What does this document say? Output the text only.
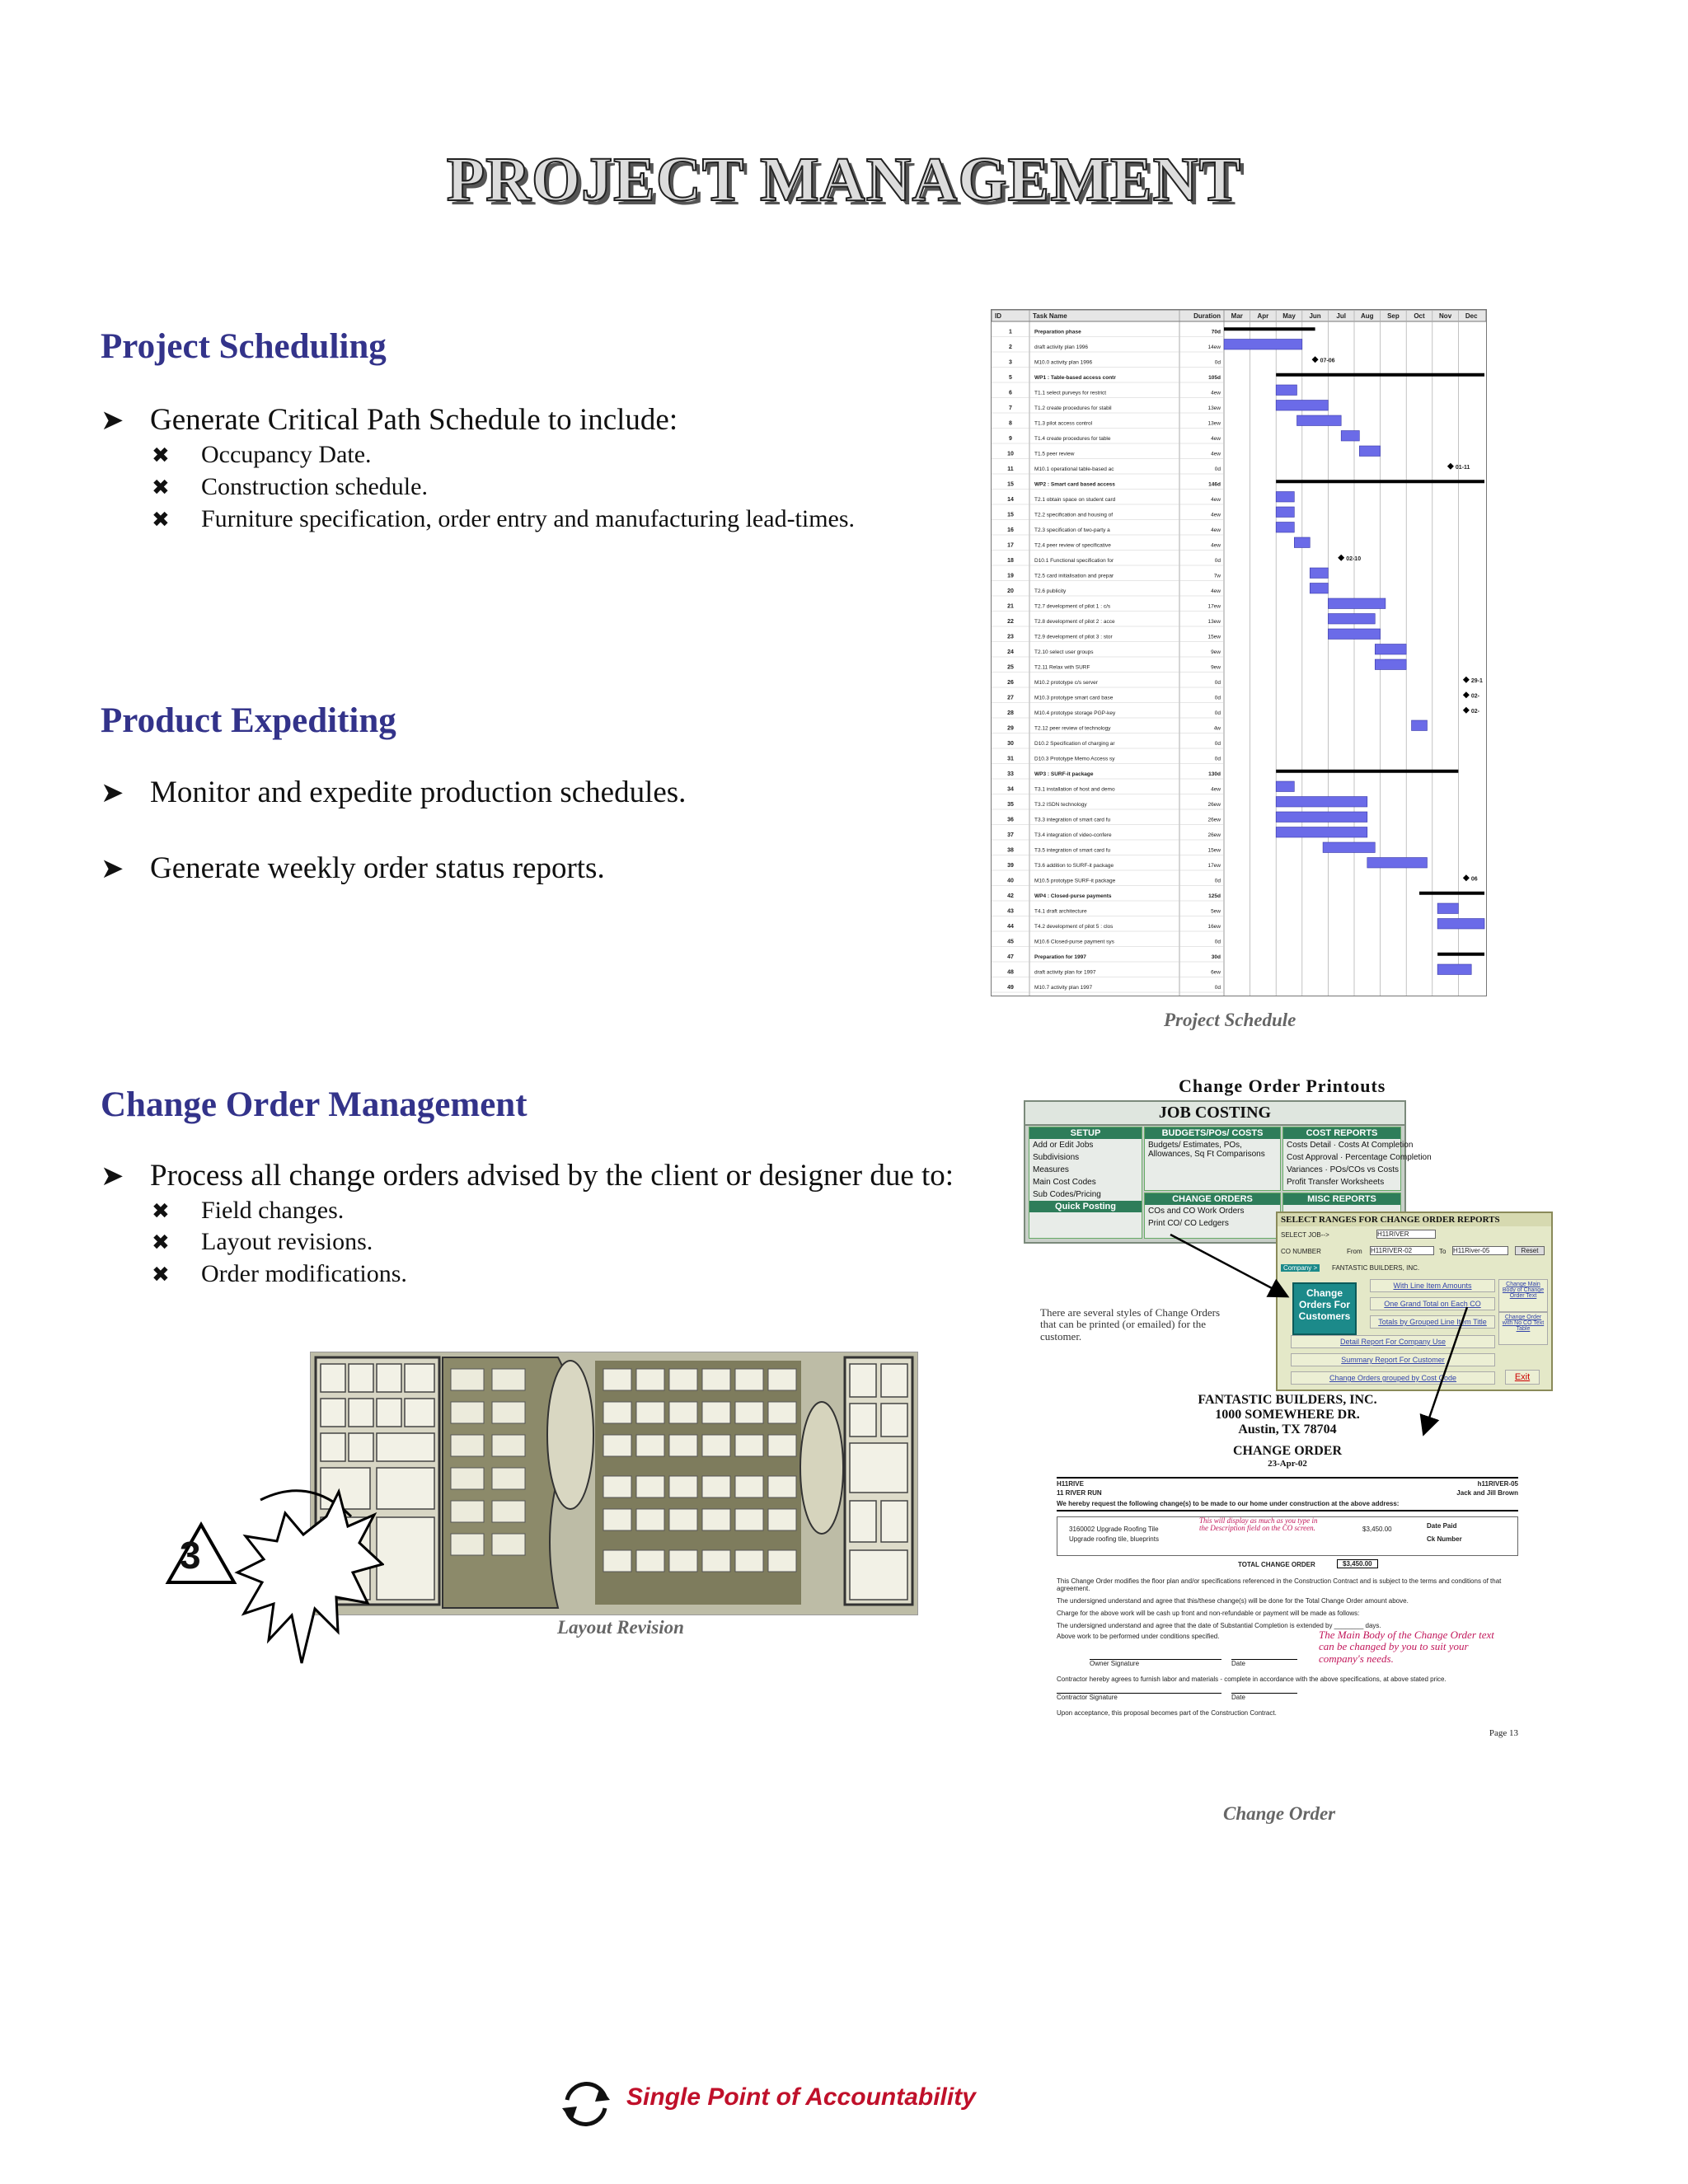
PROJECT MANAGEMENT
Project Scheduling
➤ Generate Critical Path Schedule to include:
✖ Occupancy Date.
✖ Construction schedule.
✖ Furniture specification, order entry and manufacturing lead-times.
Product Expediting
➤ Monitor and expedite production schedules.
➤ Generate weekly order status reports.
Change Order Management
➤ Process all change orders advised by the client or designer due to:
✖ Field changes.
✖ Layout revisions.
✖ Order modifications.
ID	Task Name	Duration Mar Apr May Jun Jul Aug Sep Oct Nov Dec
1	Preparation phase	70d
2	draft activity plan 1996	14ew
3	M10.0 activity plan 1996	0d	07-06
5	WP1 : Table-based access contr	105d
6	T1.1 select purveys for restrict	4ew
7	T1.2 create procedures for stabil	13ew
8	T1.3 pilot access control	13ew
9	T1.4 create procedures for table	4ew
10	T1.5 peer review	4ew
11	M10.1 operational table-based ac	0d	01-11
15	WP2 : Smart card based access	146d
14	T2.1 obtain space on student card	4ew
15	T2.2 specification and housing of	4ew
16	T2.3 specification of two-party a	4ew
17	T2.4 peer review of specificative	4ew
18	D10.1 Functional specification for	0d	02-10
19	T2.5 card initialisation and prepar	7w
20	T2.6 publicity	4ew
21	T2.7 development of pilot 1 : c/s	17ew
22	T2.8 development of pilot 2 : acce	13ew
23	T2.9 development of pilot 3 : stor	15ew
24	T2.10 select user groups	9ew
25	T2.11 Relax with SURF	9ew
26	M10.2 prototype c/s server	0d	29-1
27	M10.3 prototype smart card base	0d	02-
28	M10.4 prototype storage PGP-key	0d	02-
29	T2.12 peer review of technology	4w
30	D10.2 Specification of charging ar	0d
31	D10.3 Prototype Memo Access sy	0d
33	WP3 : SURF-it package	130d
34	T3.1 installation of host and demo	4ew
35	T3.2 ISDN technology	26ew
36	T3.3 integration of smart card fu	26ew
37	T3.4 integration of video-confere	26ew
38	T3.5 integration of smart card fu	15ew
39	T3.6 addition to SURF-it package	17ew
40	M10.5 prototype SURF-it package	0d	06
42	WP4 : Closed-purse payments	125d
43	T4.1 draft architecture	5ew
44	T4.2 development of pilot 5 : clos	16ew
45	M10.6 Closed-purse payment sys	0d
47	Preparation for 1997	30d
48	draft activity plan for 1997	6ew
49	M10.7 activity plan 1997	0d
Project Schedule
3
Layout Revision
Change Order Printouts
JOB COSTING
SETUP
Add or Edit Jobs
Subdivisions
Measures
Main Cost Codes
Sub Codes/Pricing
Quick Posting
BUDGETS/POs/ COSTS
Budgets/ Estimates, POs, Allowances, Sq Ft Comparisons
CHANGE ORDERS
COs and CO Work Orders
Print CO/ CO Ledgers
COST REPORTS
Costs Detail · Costs At Completion
Cost Approval · Percentage Completion
Variances · POs/COs vs Costs
Profit Transfer Worksheets
MISC REPORTS
SELECT RANGES FOR CHANGE ORDER REPORTS
SELECT JOB-->	H11RIVER
CO NUMBER	From H11RIVER-02	To H11River-05	Reset
Company >	FANTASTIC BUILDERS, INC.
With Line Item Amounts
One Grand Total on Each CO
Totals by Grouped Line Item Title
Detail Report For Company Use
Summary Report For Customer
Change Orders grouped by Cost Code
Change Main Body of Change Order Text
Change Order with No CO Text Table
Exit
Change Orders For Customers
There are several styles of Change Orders that can be printed (or emailed) for the customer.
FANTASTIC BUILDERS, INC.
1000 SOMEWHERE DR.
Austin, TX 78704
CHANGE ORDER
23-Apr-02
H11RIVE
11 RIVER RUN
h11RIVER-05
Jack and Jill Brown
We hereby request the following change(s) to be made to our home under construction at the above address:
3160002 Upgrade Roofing Tile
Upgrade roofing tile, blueprints
This will display as much as you type in the Description field on the CO screen.	$3,450.00	Date Paid
Ck Number
TOTAL CHANGE ORDER	$3,450.00
This Change Order modifies the floor plan and/or specifications referenced in the Construction Contract and is subject to the terms and conditions of that agreement.
The undersigned understand and agree that this/these change(s) will be done for the Total Change Order amount above.
Charge for the above work will be cash up front and non-refundable or payment will be made as follows:
The undersigned understand and agree that the date of Substantial Completion is extended by ________ days.
Above work to be performed under conditions specified.	The Main Body of the Change Order text can be changed by you to suit your company's needs.
Owner Signature	Date
Contractor hereby agrees to furnish labor and materials - complete in accordance with the above specifications, at above stated price.
Contractor Signature	Date
Upon acceptance, this proposal becomes part of the Construction Contract.
Page 13
Change Order
Single Point of Accountability
